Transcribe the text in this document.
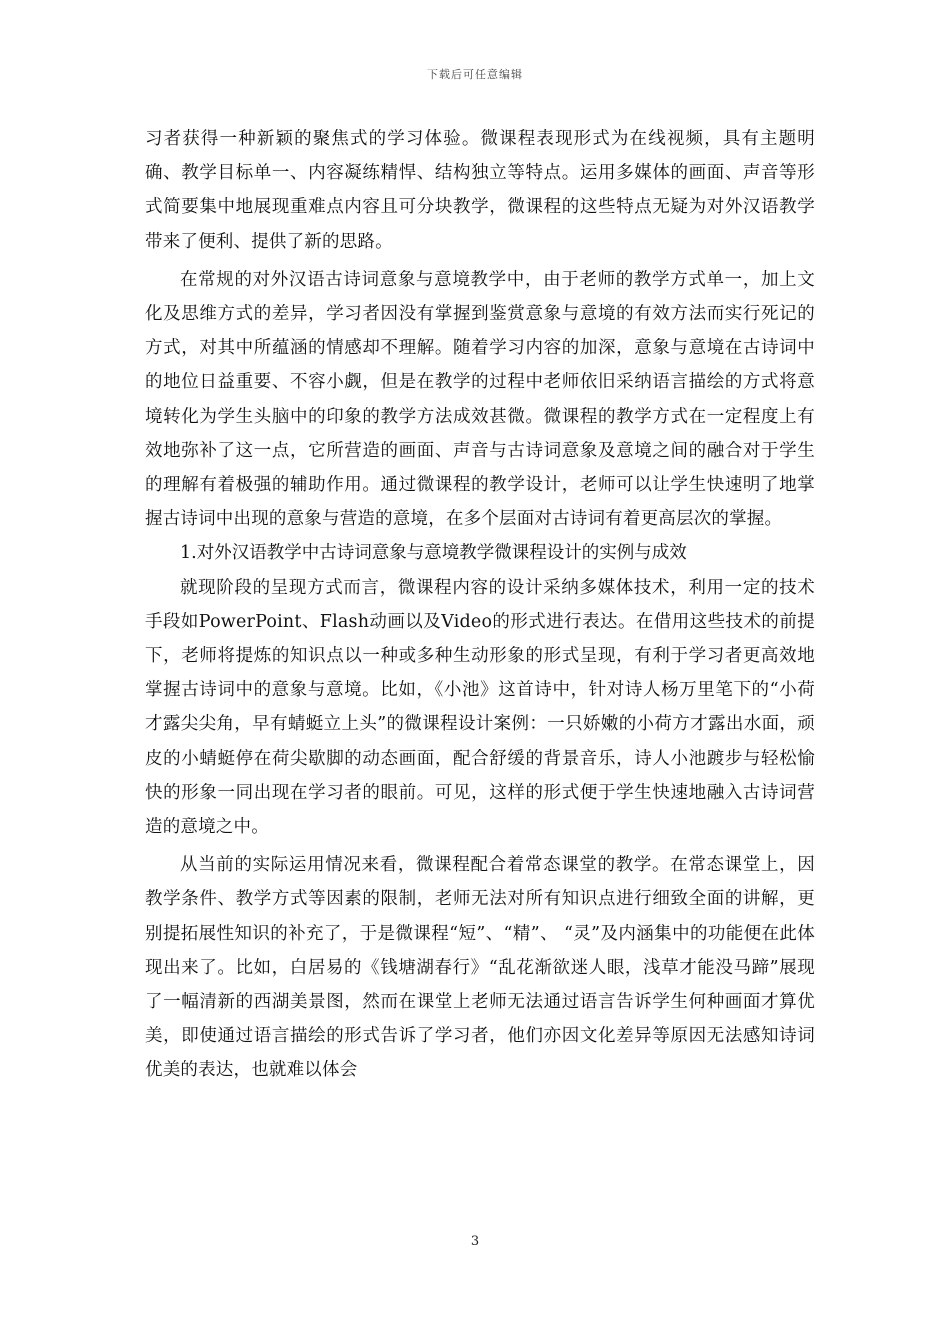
下载后可任意编辑

习者获得一种新颖的聚焦式的学习体验。微课程表现形式为在线视频，具有主题明确、教学目标单一、内容凝练精悍、结构独立等特点。运用多媒体的画面、声音等形式简要集中地展现重难点内容且可分块教学，微课程的这些特点无疑为对外汉语教学带来了便利、提供了新的思路。

在常规的对外汉语古诗词意象与意境教学中，由于老师的教学方式单一，加上文化及思维方式的差异，学习者因没有掌握到鉴赏意象与意境的有效方法而实行死记的方式，对其中所蕴涵的情感却不理解。随着学习内容的加深，意象与意境在古诗词中的地位日益重要、不容小觑，但是在教学的过程中老师依旧采纳语言描绘的方式将意境转化为学生头脑中的印象的教学方法成效甚微。微课程的教学方式在一定程度上有效地弥补了这一点，它所营造的画面、声音与古诗词意象及意境之间的融合对于学生的理解有着极强的辅助作用。通过微课程的教学设计，老师可以让学生快速明了地掌握古诗词中出现的意象与营造的意境，在多个层面对古诗词有着更高层次的掌握。

1.对外汉语教学中古诗词意象与意境教学微课程设计的实例与成效

就现阶段的呈现方式而言，微课程内容的设计采纳多媒体技术，利用一定的技术手段如PowerPoint、Flash动画以及Video的形式进行表达。在借用这些技术的前提下，老师将提炼的知识点以一种或多种生动形象的形式呈现，有利于学习者更高效地掌握古诗词中的意象与意境。比如，《小池》这首诗中，针对诗人杨万里笔下的“小荷才露尖尖角，早有蜻蜓立上头”的微课程设计案例：一只娇嫩的小荷方才露出水面，顽皮的小蜻蜓停在荷尖歇脚的动态画面，配合舒缓的背景音乐，诗人小池踱步与轻松愉快的形象一同出现在学习者的眼前。可见，这样的形式便于学生快速地融入古诗词营造的意境之中。

从当前的实际运用情况来看，微课程配合着常态课堂的教学。在常态课堂上，因教学条件、教学方式等因素的限制，老师无法对所有知识点进行细致全面的讲解，更别提拓展性知识的补充了，于是微课程“短”、“精”、 “灵”及内涵集中的功能便在此体现出来了。比如，白居易的《钱塘湖春行》“乱花渐欲迷人眼，浅草才能没马蹄”展现了一幅清新的西湖美景图，然而在课堂上老师无法通过语言告诉学生何种画面才算优美，即使通过语言描绘的形式告诉了学习者，他们亦因文化差异等原因无法感知诗词优美的表达，也就难以体会

3
